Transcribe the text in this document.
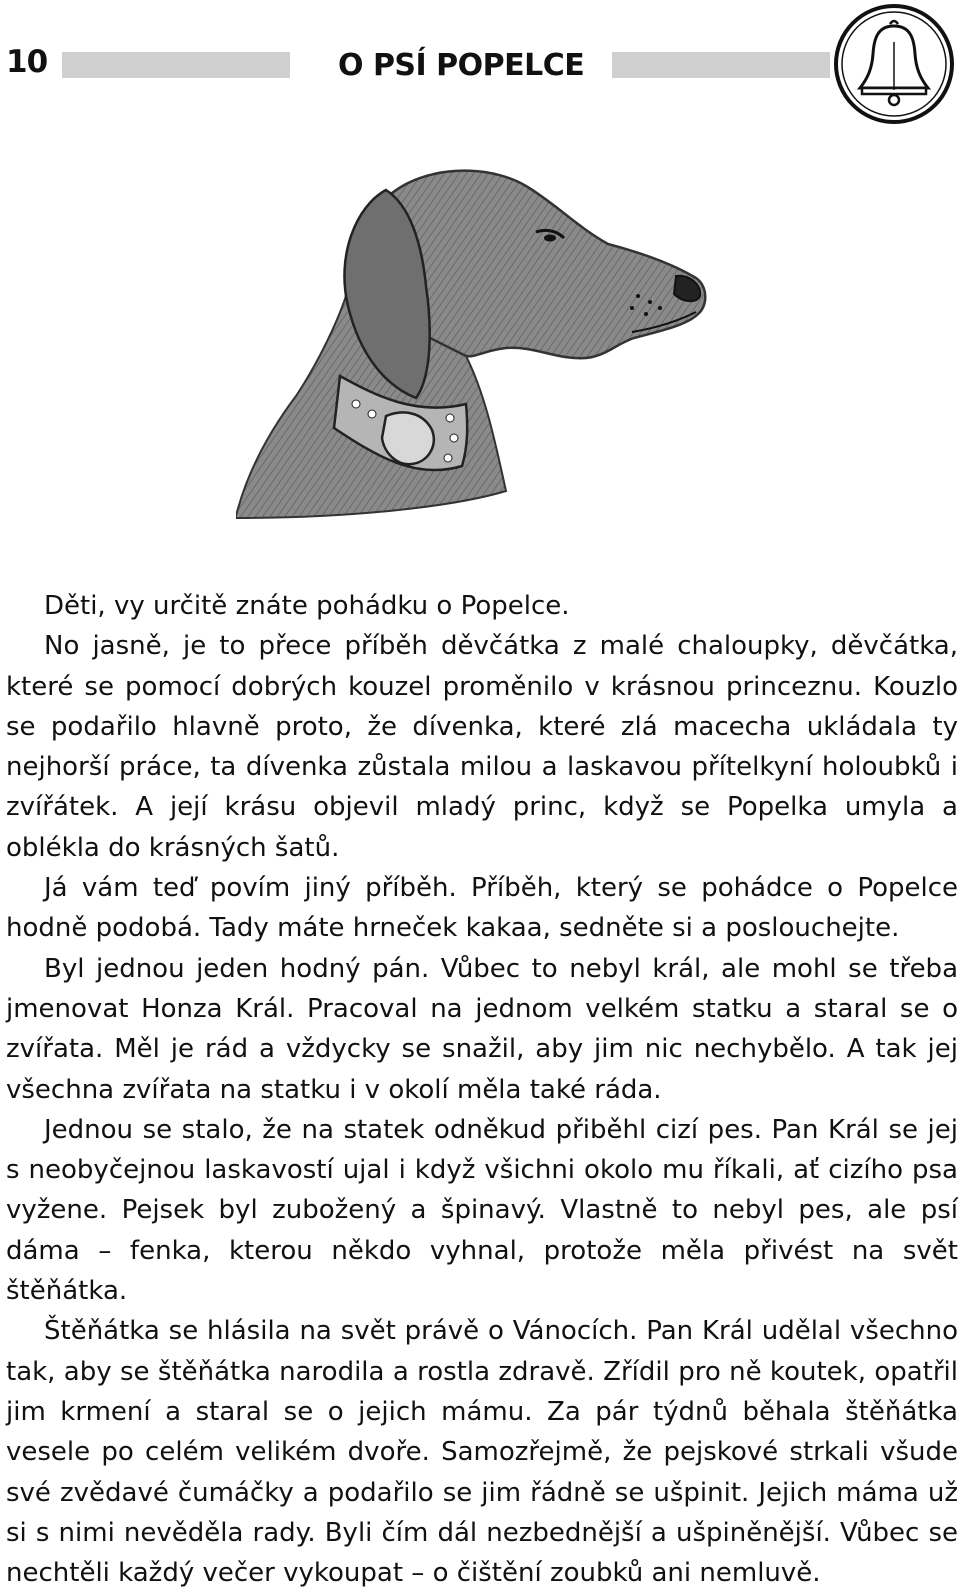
10	O PSÍ POPELCE

Děti, vy určitě znáte pohádku o Popelce.

No jasně, je to přece příběh děvčátka z malé chaloupky, děvčátka, které se pomocí dobrých kouzel proměnilo v krásnou princeznu. Kouzlo se podařilo hlavně proto, že dívenka, které zlá macecha ukládala ty nejhorší práce, ta dívenka zůstala milou a laskavou přítelkyní holoubků i zvířátek. A její krásu objevil mladý princ, když se Popelka umyla a oblékla do krásných šatů.

Já vám teď povím jiný příběh. Příběh, který se pohádce o Popelce hodně podobá. Tady máte hrneček kakaa, sedněte si a poslouchejte.

Byl jednou jeden hodný pán. Vůbec to nebyl král, ale mohl se třeba jmenovat Honza Král. Pracoval na jednom velkém statku a staral se o zvířata. Měl je rád a vždycky se snažil, aby jim nic nechybělo. A tak jej všechna zvířata na statku i v okolí měla také ráda.

Jednou se stalo, že na statek odněkud přiběhl cizí pes. Pan Král se jej s neobyčejnou laskavostí ujal i když všichni okolo mu říkali, ať cizího psa vyžene. Pejsek byl zubožený a špinavý. Vlastně to nebyl pes, ale psí dáma – fenka, kterou někdo vyhnal, protože měla přivést na svět štěňátka.

Štěňátka se hlásila na svět právě o Vánocích. Pan Král udělal všechno tak, aby se štěňátka narodila a rostla zdravě. Zřídil pro ně koutek, opatřil jim krmení a staral se o jejich mámu. Za pár týdnů běhala štěňátka vesele po celém velikém dvoře. Samozřejmě, že pejskové strkali všude své zvědavé čumáčky a podařilo se jim řádně se ušpinit. Jejich máma už si s nimi nevěděla rady. Byli čím dál nezbednější a ušpiněnější. Vůbec se nechtěli každý večer vykoupat – o čištění zoubků ani nemluvě.
